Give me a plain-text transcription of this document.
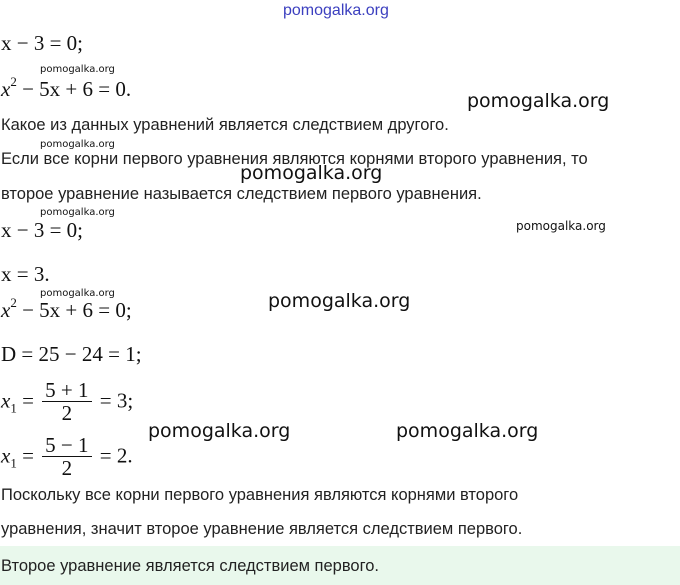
pomogalka.org
x − 3 = 0;
pomogalka.org
$x^2 - 5x + 6 = 0$.	pomogalka.org
Какое из данных уравнений является следствием другого.
pomogalka.org
Если все корни первого уравнения являются корнями второго уравнения, то
pomogalka.org
второе уравнение называется следствием первого уравнения.
pomogalka.org
x − 3 = 0;	pomogalka.org
x = 3.
pomogalka.org
$x^2 - 5x + 6 = 0$;	pomogalka.org
D = 25 − 24 = 1;
$x_1 = \frac{5 + 1}{2} = 3$;
pomogalka.org	pomogalka.org
$x_1 = \frac{5 - 1}{2} = 2$.
Поскольку все корни первого уравнения являются корнями второго
уравнения, значит второе уравнение является следствием первого.
Второе уравнение является следствием первого.
